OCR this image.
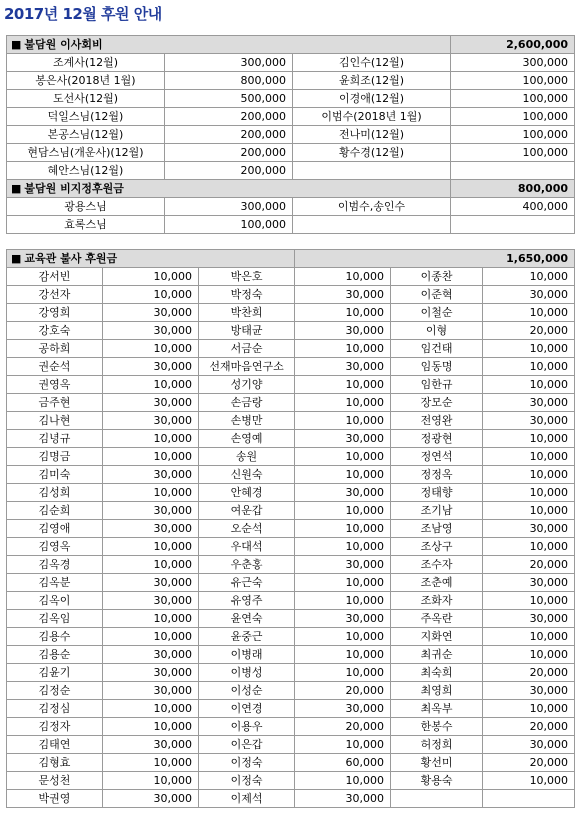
2017년 12월 후원 안내
■ 불담원 이사회비			2,600,000
조계사(12월)	300,000	김인수(12월)	300,000
봉은사(2018년 1월)	800,000	윤희조(12월)	100,000
도선사(12월)	500,000	이경애(12월)	100,000
덕일스님(12월)	200,000	이범수(2018년 1월)	100,000
본공스님(12월)	200,000	전나미(12월)	100,000
현담스님(개운사)(12월)	200,000	황수경(12월)	100,000
혜안스님(12월)	200,000		
■ 불담원 비지정후원금			800,000
광용스님	300,000	이범수,송인수	400,000
효록스님	100,000		
■ 교육관 불사 후원금			1,650,000		
감서빈	10,000	박은호	10,000	이종찬	10,000
강선자	10,000	박정숙	30,000	이준혁	30,000
강영희	30,000	박찬희	10,000	이철순	10,000
강호숙	30,000	방태균	30,000	이형	20,000
공하희	10,000	서금순	10,000	임건태	10,000
권순석	30,000	선재마음연구소	30,000	임동명	10,000
권영옥	10,000	성기양	10,000	임한규	10,000
금주현	30,000	손금랑	10,000	장모순	30,000
김나현	30,000	손병만	10,000	전영완	30,000
김녕규	10,000	손영예	30,000	정광현	10,000
김명금	10,000	송원	10,000	정연석	10,000
김미숙	30,000	신원숙	10,000	정정옥	10,000
김성희	10,000	안혜경	30,000	정태향	10,000
김순희	30,000	여운갑	10,000	조기남	10,000
김영애	30,000	오순석	10,000	조남영	30,000
김영옥	10,000	우대석	10,000	조상구	10,000
김옥경	10,000	우춘홍	30,000	조수자	20,000
김옥분	30,000	유근숙	10,000	조춘예	30,000
김옥이	30,000	유영주	10,000	조화자	10,000
김옥임	10,000	윤연숙	30,000	주옥란	30,000
김용수	10,000	윤중근	10,000	지화연	10,000
김용순	30,000	이병래	10,000	최귀순	10,000
김윤기	30,000	이병성	10,000	최숙희	20,000
김정순	30,000	이성순	20,000	최영희	30,000
김정심	10,000	이연경	30,000	최옥부	10,000
김정자	10,000	이용우	20,000	한봉수	20,000
김태연	30,000	이은갑	10,000	허정희	30,000
김형효	10,000	이정숙	60,000	황선미	20,000
문성천	10,000	이정숙	10,000	황용숙	10,000
박권영	30,000	이제석	30,000		
